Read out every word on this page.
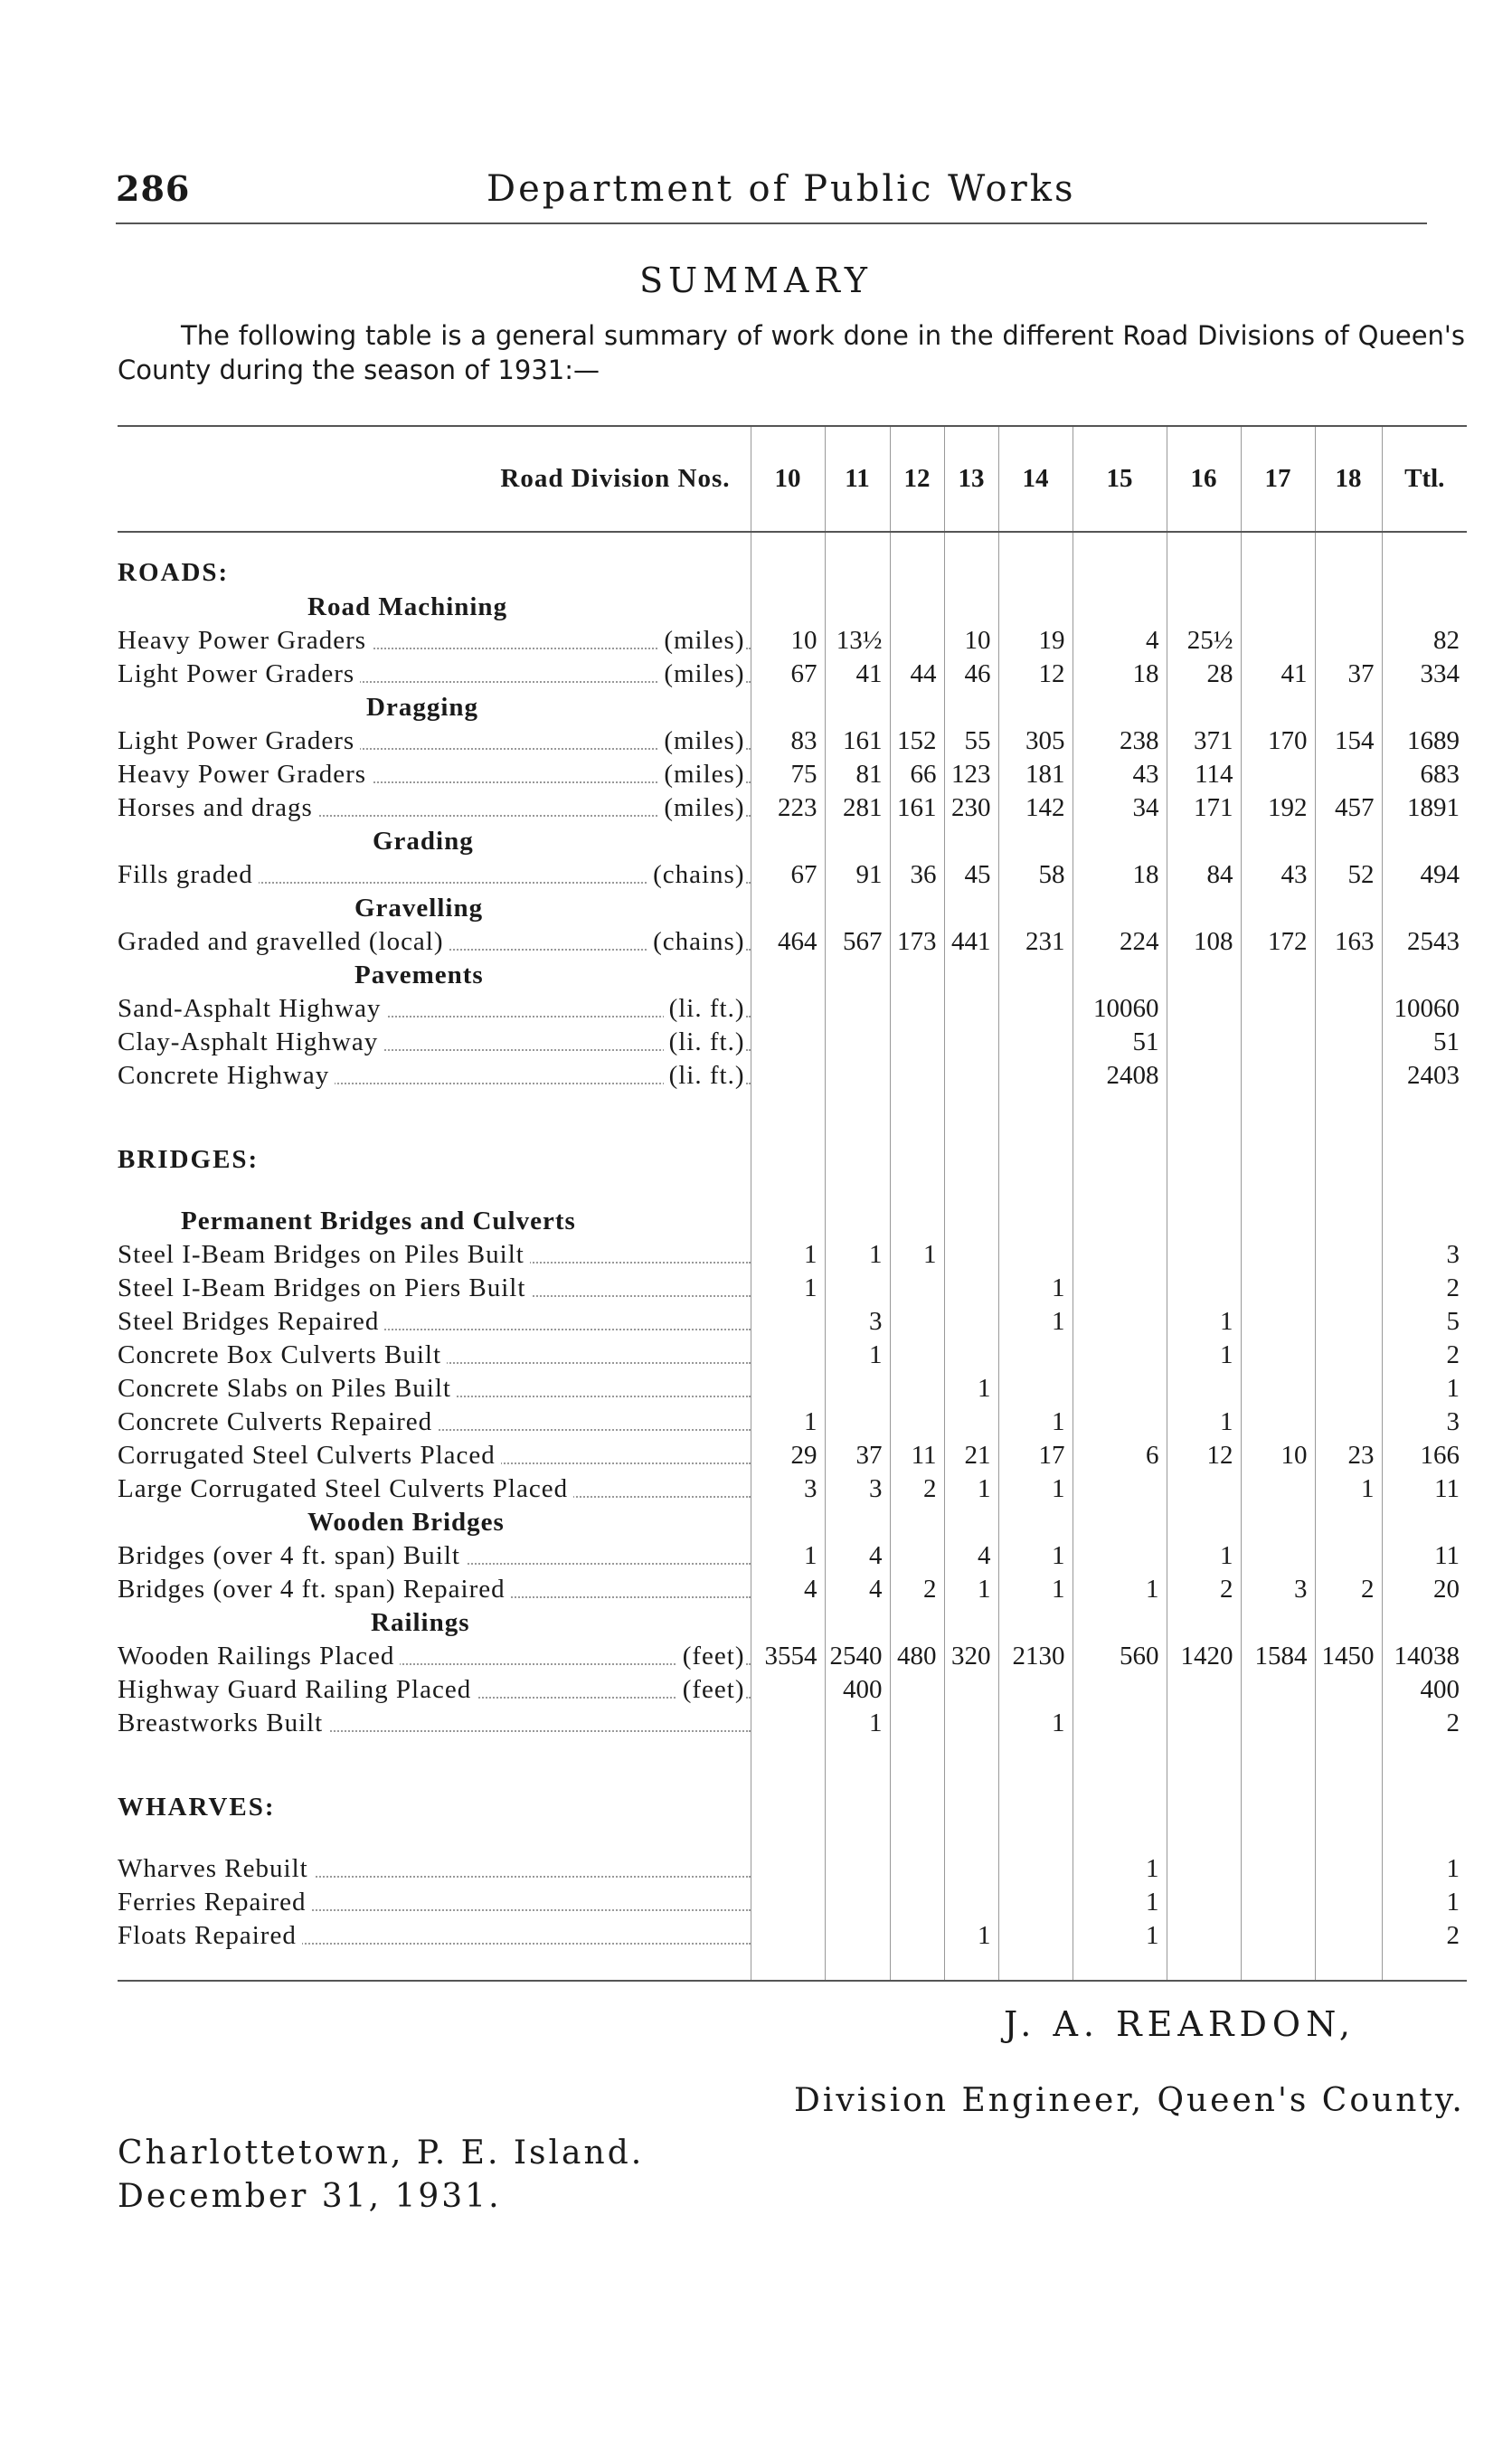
286	Department of Public Works
SUMMARY
The following table is a general summary of work done in the different Road Divisions of Queen's County during the season of 1931:—
Road Division Nos.	10	11	12	13	14	15	16	17	18	Ttl.
ROADS:										
Road Machining										

Heavy Power Graders (miles)	10	13½		10	19	4	25½			82

Light Power Graders (miles)	67	41	44	46	12	18	28	41	37	334
Dragging										

Light Power Graders (miles)	83	161	152	55	305	238	371	170	154	1689

Heavy Power Graders (miles)	75	81	66	123	181	43	114			683

Horses and drags (miles)	223	281	161	230	142	34	171	192	457	1891
Grading										

Fills graded (chains)	67	91	36	45	58	18	84	43	52	494
Gravelling										

Graded and gravelled (local) (chains)	464	567	173	441	231	224	108	172	163	2543
Pavements										

Sand-Asphalt Highway (li. ft.)						10060				10060

Clay-Asphalt Highway (li. ft.)						51				51

Concrete Highway (li. ft.)						2408				2403

BRIDGES:										

Permanent Bridges and Culverts										

Steel I-Beam Bridges on Piles Built	1	1	1							3

Steel I-Beam Bridges on Piers Built	1				1					2

Steel Bridges Repaired		3			1		1			5

Concrete Box Culverts Built		1					1			2

Concrete Slabs on Piles Built				1						1

Concrete Culverts Repaired	1				1		1			3

Corrugated Steel Culverts Placed	29	37	11	21	17	6	12	10	23	166

Large Corrugated Steel Culverts Placed	3	3	2	1	1				1	11
Wooden Bridges										

Bridges (over 4 ft. span) Built	1	4		4	1		1			11

Bridges (over 4 ft. span) Repaired	4	4	2	1	1	1	2	3	2	20
Railings										

Wooden Railings Placed (feet)	3554	2540	480	320	2130	560	1420	1584	1450	14038

Highway Guard Railing Placed (feet)		400								400

Breastworks Built		1			1					2

WHARVES:										

Wharves Rebuilt						1				1

Ferries Repaired						1				1

Floats Repaired				1		1				2

J. A. REARDON,
Division Engineer, Queen's County.
Charlottetown, P. E. Island.
December 31, 1931.
